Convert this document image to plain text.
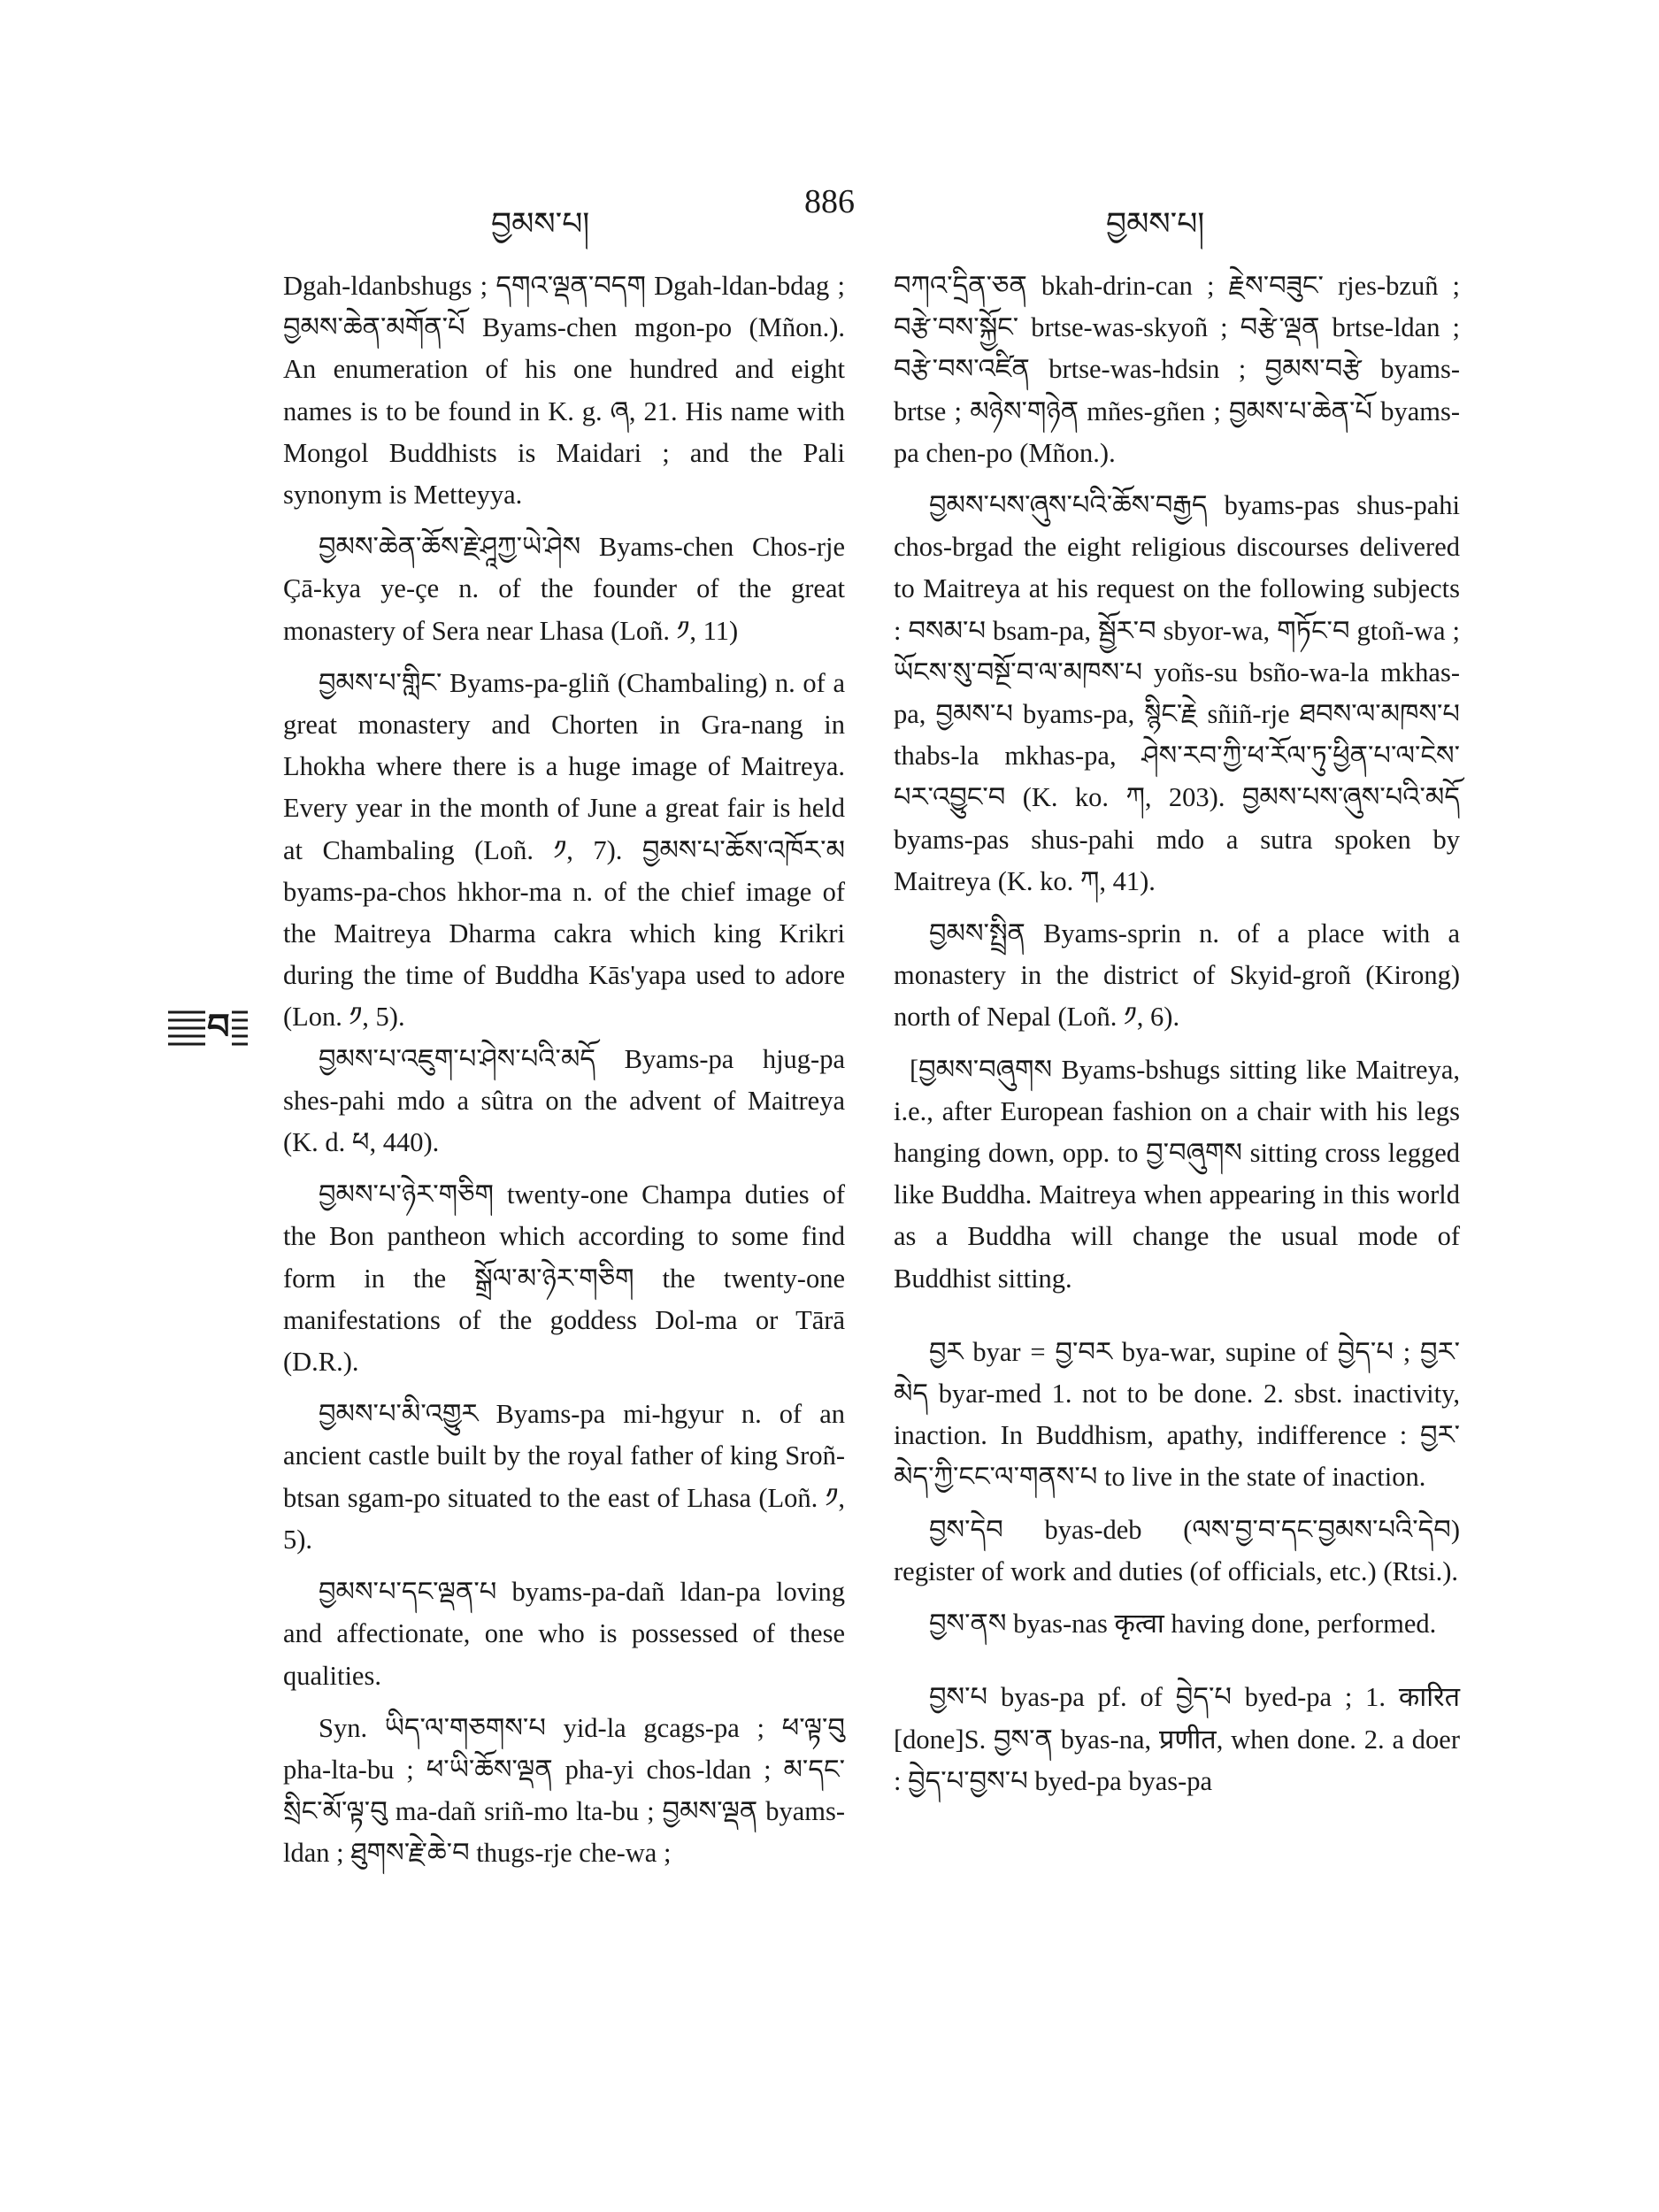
བྱམས་པ།
886
བྱམས་པ།
བ

Dgah-ldanbshugs ; དགའ་ལྡན་བདག Dgah-ldan-bdag ; བྱམས་ཆེན་མགོན་པོ Byams-chen mgon-po (Mñon.). An enumeration of his one hundred and eight names is to be found in K. g. ཞ, 21. His name with Mongol Buddhists is Maidari ; and the Pali synonym is Metteyya.

བྱམས་ཆེན་ཆོས་རྗེ་ཤཱཀྱ་ཡེ་ཤེས Byams-chen Chos-rje Çā-kya ye-çe n. of the founder of the great monastery of Sera near Lhasa (Loñ. ༡, 11)

བྱམས་པ་གླིང་ Byams-pa-gliñ (Chambaling) n. of a great monastery and Chorten in Gra-nang in Lhokha where there is a huge image of Maitreya. Every year in the month of June a great fair is held at Chambaling (Loñ. ༡, 7). བྱམས་པ་ཆོས་འཁོར་མ byams-pa-chos hkhor-ma n. of the chief image of the Maitreya Dharma cakra which king Krikri during the time of Buddha Kās'yapa used to adore (Lon. ༡, 5).

བྱམས་པ་འཇུག་པ་ཤེས་པའི་མདོ Byams-pa hjug-pa shes-pahi mdo a sûtra on the advent of Maitreya (K. d. ཕ, 440).

བྱམས་པ་ཉེར་གཅིག twenty-one Champa duties of the Bon pantheon which according to some find form in the སྒྲོལ་མ་ཉེར་གཅིག the twenty-one manifestations of the goddess Dol-ma or Tārā (D.R.).

བྱམས་པ་མི་འགྱུར Byams-pa mi-hgyur n. of an ancient castle built by the royal father of king Sroñ-btsan sgam-po situated to the east of Lhasa (Loñ. ༡, 5).

བྱམས་པ་དང་ལྡན་པ byams-pa-dañ ldan-pa loving and affectionate, one who is possessed of these qualities.

Syn. ཡིད་ལ་གཅགས་པ yid-la gcags-pa ; ཕ་ལྟ་བུ pha-lta-bu ; ཕ་ཡི་ཆོས་ལྡན pha-yi chos-ldan ; མ་དང་སྲིང་མོ་ལྟ་བུ ma-dañ sriñ-mo lta-bu ; བྱམས་ལྡན byams-ldan ; ཐུགས་རྗེ་ཆེ་བ thugs-rje che-wa ;

བཀའ་དྲིན་ཅན bkah-drin-can ; རྗེས་བཟུང་ rjes-bzuñ ; བརྩེ་བས་སྐྱོང་ brtse-was-skyoñ ; བརྩེ་ལྡན brtse-ldan ; བརྩེ་བས་འཛིན brtse-was-hdsin ; བྱམས་བརྩེ byams-brtse ; མཉེས་གཉེན mñes-gñen ; བྱམས་པ་ཆེན་པོ byams-pa chen-po (Mñon.).

བྱམས་པས་ཞུས་པའི་ཆོས་བརྒྱད byams-pas shus-pahi chos-brgad the eight religious discourses delivered to Maitreya at his request on the following subjects : བསམ་པ bsam-pa, སྦྱོར་བ sbyor-wa, གཏོང་བ gtoñ-wa ; ཡོངས་སུ་བསྔོ་བ་ལ་མཁས་པ yoñs-su bsño-wa-la mkhas-pa, བྱམས་པ byams-pa, སྙིང་རྗེ sñiñ-rje ཐབས་ལ་མཁས་པ thabs-la mkhas-pa, ཤེས་རབ་ཀྱི་ཕ་རོལ་ཏུ་ཕྱིན་པ་ལ་ངེས་པར་འབྱུང་བ (K. ko. ཀ, 203). བྱམས་པས་ཞུས་པའི་མདོ byams-pas shus-pahi mdo a sutra spoken by Maitreya (K. ko. ཀ, 41).

བྱམས་སྤྲིན Byams-sprin n. of a place with a monastery in the district of Skyid-groñ (Kirong) north of Nepal (Loñ. ༡, 6).

[བྱམས་བཞུགས Byams-bshugs sitting like Maitreya, i.e., after European fashion on a chair with his legs hanging down, opp. to བྱ་བཞུགས sitting cross legged like Buddha. Maitreya when appearing in this world as a Buddha will change the usual mode of Buddhist sitting.

བྱར byar = བྱ་བར bya-war, supine of བྱེད་པ ; བྱར་མེད byar-med 1. not to be done. 2. sbst. inactivity, inaction. In Buddhism, apathy, indifference : བྱར་མེད་ཀྱི་ངང་ལ་གནས་པ to live in the state of inaction.

བྱས་དེབ byas-deb (ལས་བྱ་བ་དང་བྱམས་པའི་དེབ) register of work and duties (of officials, etc.) (Rtsi.).

བྱས་ནས byas-nas कृत्वा having done, performed.

བྱས་པ byas-pa pf. of བྱེད་པ byed-pa ; 1. कारित [done]S. བྱས་ན byas-na, प्रणीत, when done. 2. a doer : བྱེད་པ་བྱས་པ byed-pa byas-pa
